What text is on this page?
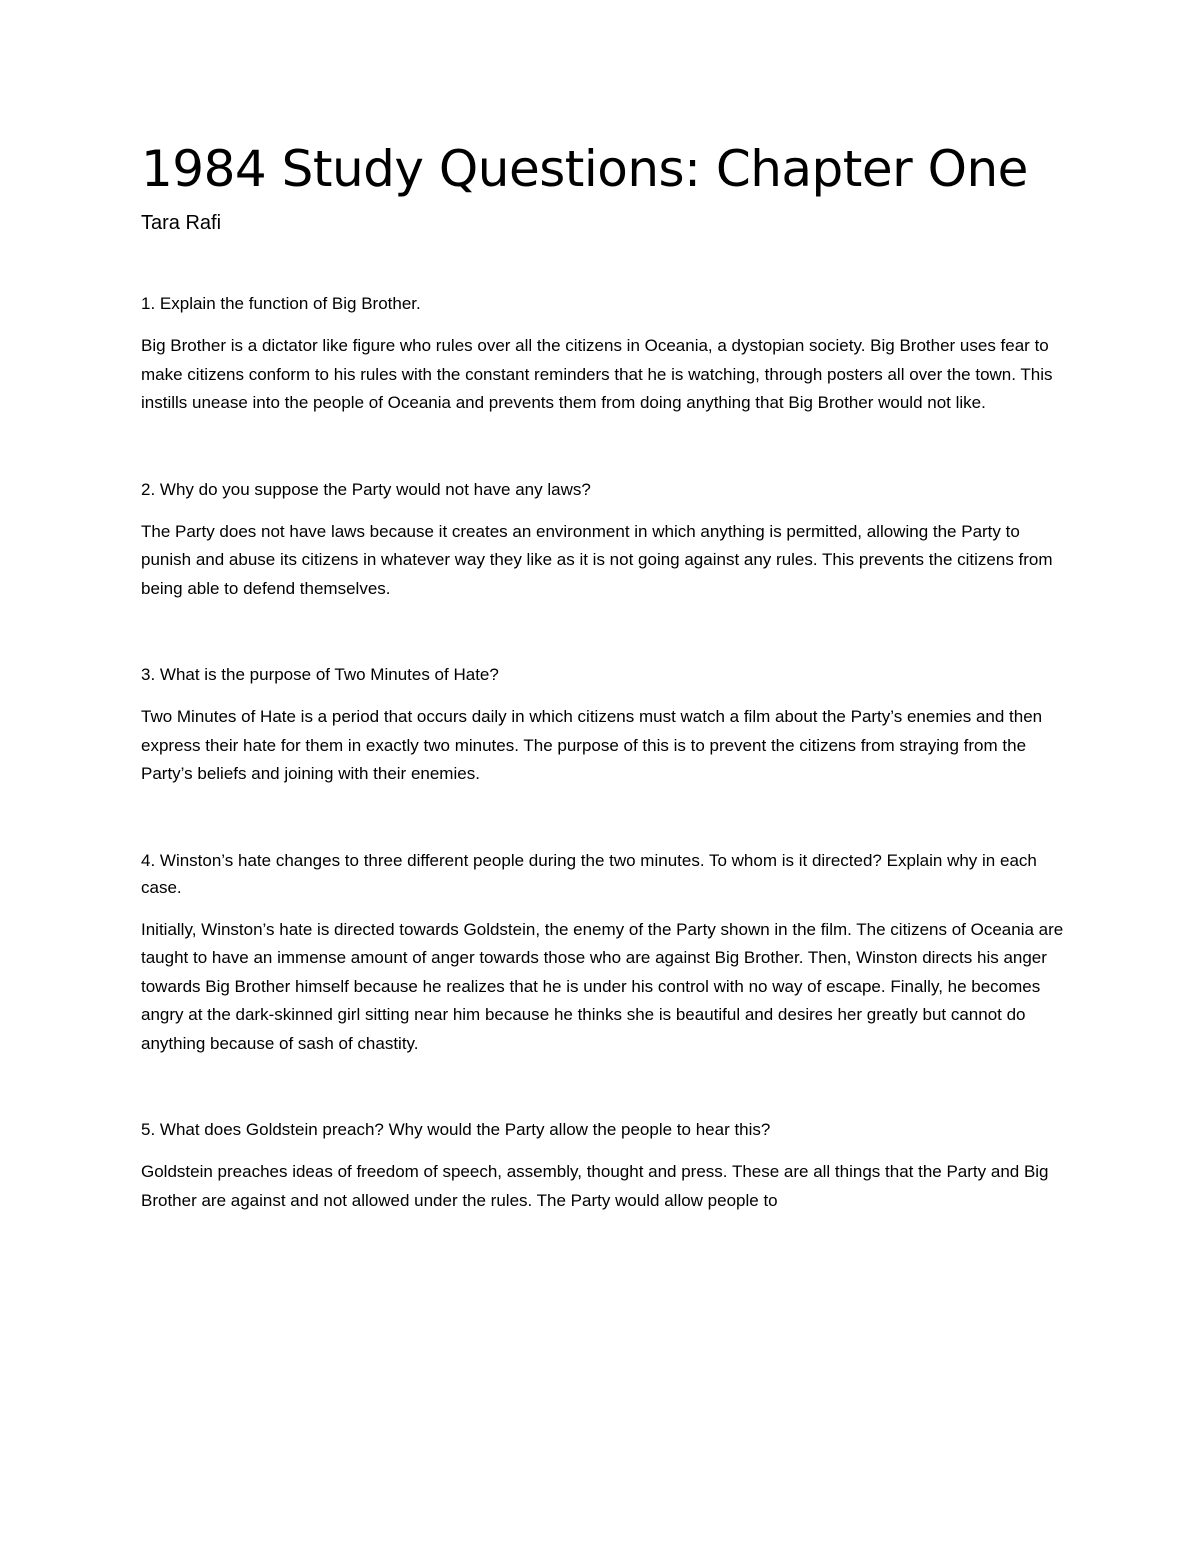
1984 Study Questions: Chapter One

Tara Rafi

1. Explain the function of Big Brother.

Big Brother is a dictator like figure who rules over all the citizens in Oceania, a dystopian society. Big Brother uses fear to make citizens conform to his rules with the constant reminders that he is watching, through posters all over the town. This instills unease into the people of Oceania and prevents them from doing anything that Big Brother would not like.

2. Why do you suppose the Party would not have any laws?

The Party does not have laws because it creates an environment in which anything is permitted, allowing the Party to punish and abuse its citizens in whatever way they like as it is not going against any rules. This prevents the citizens from being able to defend themselves.

3. What is the purpose of Two Minutes of Hate?

Two Minutes of Hate is a period that occurs daily in which citizens must watch a film about the Party’s enemies and then express their hate for them in exactly two minutes. The purpose of this is to prevent the citizens from straying from the Party’s beliefs and joining with their enemies.

4. Winston’s hate changes to three different people during the two minutes. To whom is it directed? Explain why in each case.

Initially, Winston’s hate is directed towards Goldstein, the enemy of the Party shown in the film. The citizens of Oceania are taught to have an immense amount of anger towards those who are against Big Brother. Then, Winston directs his anger towards Big Brother himself because he realizes that he is under his control with no way of escape. Finally, he becomes angry at the dark-skinned girl sitting near him because he thinks she is beautiful and desires her greatly but cannot do anything because of sash of chastity.

5. What does Goldstein preach? Why would the Party allow the people to hear this?

Goldstein preaches ideas of freedom of speech, assembly, thought and press. These are all things that the Party and Big Brother are against and not allowed under the rules. The Party would allow people to
